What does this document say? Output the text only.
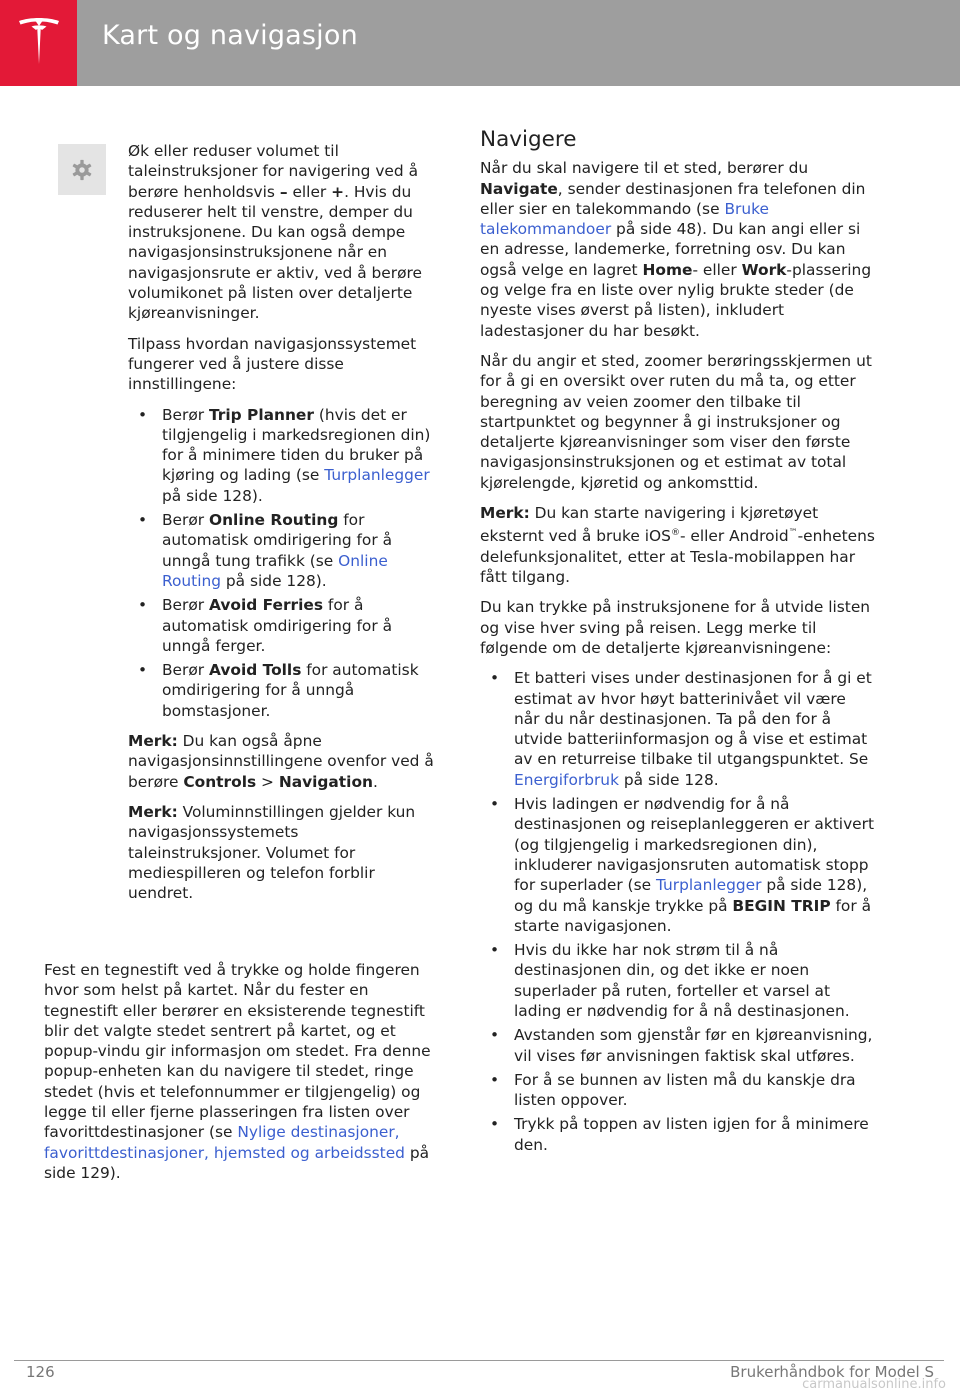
Kart og navigasjon

Øk eller reduser volumet til taleinstruksjoner for navigering ved å berøre henholdsvis – eller +. Hvis du reduserer helt til venstre, demper du instruksjonene. Du kan også dempe navigasjonsinstruksjonene når en navigasjonsrute er aktiv, ved å berøre volumikonet på listen over detaljerte kjøreanvisninger.

Tilpass hvordan navigasjonssystemet fungerer ved å justere disse innstillingene:

• Berør Trip Planner (hvis det er tilgjengelig i markedsregionen din) for å minimere tiden du bruker på kjøring og lading (se Turplanlegger på side 128).
• Berør Online Routing for automatisk omdirigering for å unngå tung trafikk (se Online Routing på side 128).
• Berør Avoid Ferries for å automatisk omdirigering for å unngå ferger.
• Berør Avoid Tolls for automatisk omdirigering for å unngå bomstasjoner.

Merk: Du kan også åpne navigasjonsinnstillingene ovenfor ved å berøre Controls > Navigation.

Merk: Voluminnstillingen gjelder kun navigasjonssystemets taleinstruksjoner. Volumet for mediespilleren og telefon forblir uendret.

Fest en tegnestift ved å trykke og holde fingeren hvor som helst på kartet. Når du fester en tegnestift eller berører en eksisterende tegnestift blir det valgte stedet sentrert på kartet, og et popup-vindu gir informasjon om stedet. Fra denne popup-enheten kan du navigere til stedet, ringe stedet (hvis et telefonnummer er tilgjengelig) og legge til eller fjerne plasseringen fra listen over favorittdestinasjoner (se Nylige destinasjoner, favorittdestinasjoner, hjemsted og arbeidssted på side 129).

Navigere

Når du skal navigere til et sted, berører du Navigate, sender destinasjonen fra telefonen din eller sier en talekommando (se Bruke talekommandoer på side 48). Du kan angi eller si en adresse, landemerke, forretning osv. Du kan også velge en lagret Home- eller Work-plassering og velge fra en liste over nylig brukte steder (de nyeste vises øverst på listen), inkludert ladestasjoner du har besøkt.

Når du angir et sted, zoomer berøringsskjermen ut for å gi en oversikt over ruten du må ta, og etter beregning av veien zoomer den tilbake til startpunktet og begynner å gi instruksjoner og detaljerte kjøreanvisninger som viser den første navigasjonsinstruksjonen og et estimat av total kjørelengde, kjøretid og ankomsttid.

Merk: Du kan starte navigering i kjøretøyet eksternt ved å bruke iOS®- eller Android™-enhetens delefunksjonalitet, etter at Tesla-mobilappen har fått tilgang.

Du kan trykke på instruksjonene for å utvide listen og vise hver sving på reisen. Legg merke til følgende om de detaljerte kjøreanvisningene:

• Et batteri vises under destinasjonen for å gi et estimat av hvor høyt batterinivået vil være når du når destinasjonen. Ta på den for å utvide batteriinformasjon og å vise et estimat av en returreise tilbake til utgangspunktet. Se Energiforbruk på side 128.
• Hvis ladingen er nødvendig for å nå destinasjonen og reiseplanleggeren er aktivert (og tilgjengelig i markedsregionen din), inkluderer navigasjonsruten automatisk stopp for superlader (se Turplanlegger på side 128), og du må kanskje trykke på BEGIN TRIP for å starte navigasjonen.
• Hvis du ikke har nok strøm til å nå destinasjonen din, og det ikke er noen superlader på ruten, forteller et varsel at lading er nødvendig for å nå destinasjonen.
• Avstanden som gjenstår før en kjøreanvisning, vil vises før anvisningen faktisk skal utføres.
• For å se bunnen av listen må du kanskje dra listen oppover.
• Trykk på toppen av listen igjen for å minimere den.
126	Brukerhåndbok for Model S
carmanualsonline.info
